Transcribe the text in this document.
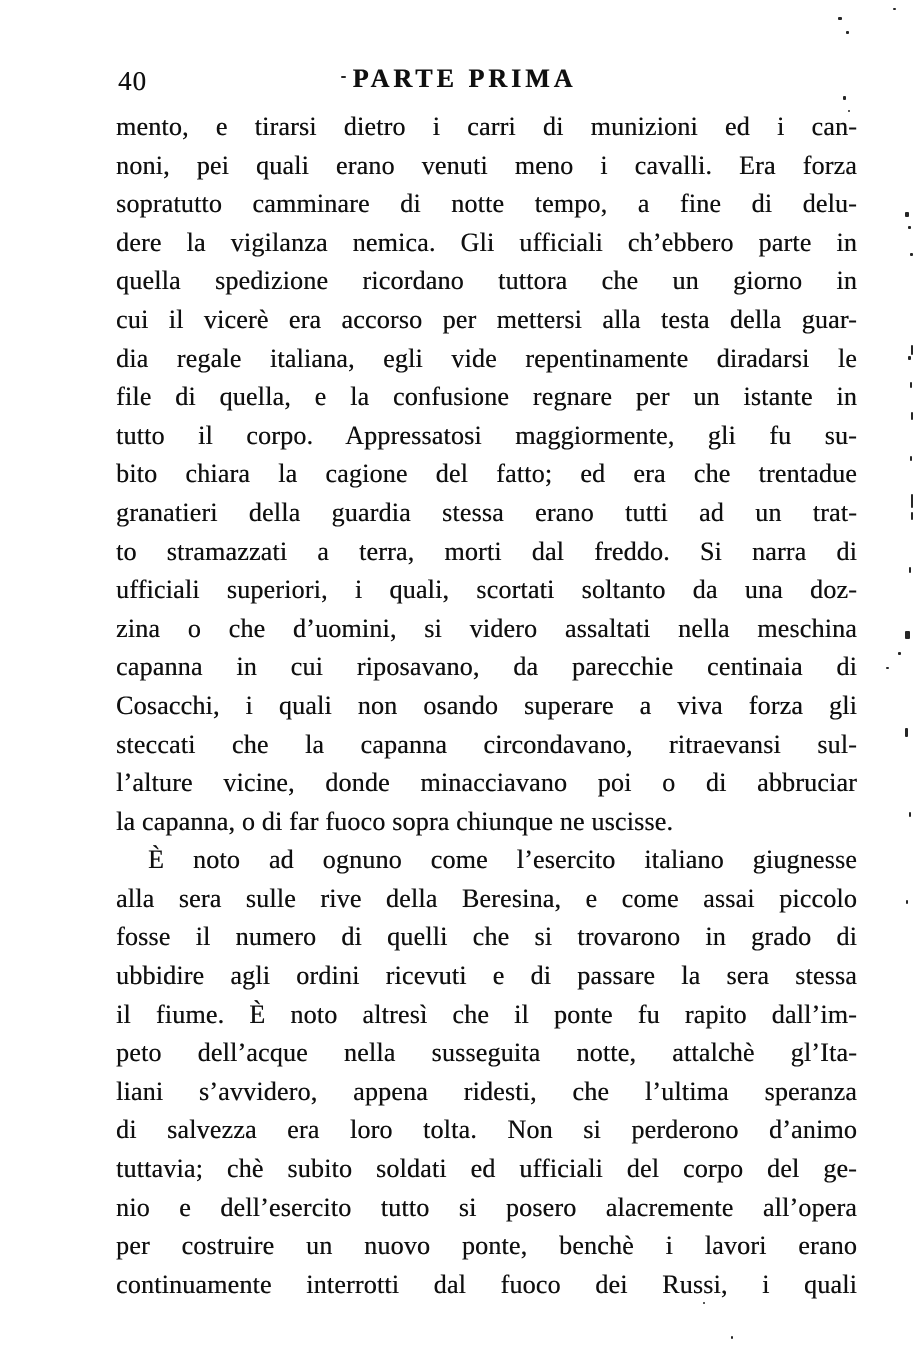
40	PARTE PRIMA
mento, e tirarsi dietro i carri di munizioni ed i can-
noni, pei quali erano venuti meno i cavalli. Era forza
sopratutto camminare di notte tempo, a fine di delu-
dere la vigilanza nemica. Gli ufficiali ch’ebbero parte in
quella spedizione ricordano tuttora che un giorno in
cui il vicerè era accorso per mettersi alla testa della guar-
dia regale italiana, egli vide repentinamente diradarsi le
file di quella, e la confusione regnare per un istante in
tutto il corpo. Appressatosi maggiormente, gli fu su-
bito chiara la cagione del fatto; ed era che trentadue
granatieri della guardia stessa erano tutti ad un trat-
to stramazzati a terra, morti dal freddo. Si narra di
ufficiali superiori, i quali, scortati soltanto da una doz-
zina o che d’uomini, si videro assaltati nella meschina
capanna in cui riposavano, da parecchie centinaia di
Cosacchi, i quali non osando superare a viva forza gli
steccati che la capanna circondavano, ritraevansi sul-
l’alture vicine, donde minacciavano poi o di abbruciar
la capanna, o di far fuoco sopra chiunque ne uscisse.
È noto ad ognuno come l’esercito italiano giugnesse
alla sera sulle rive della Beresina, e come assai piccolo
fosse il numero di quelli che si trovarono in grado di
ubbidire agli ordini ricevuti e di passare la sera stessa
il fiume. È noto altresì che il ponte fu rapito dall’im-
peto dell’acque nella susseguita notte, attalchè gl’Ita-
liani s’avvidero, appena ridesti, che l’ultima speranza
di salvezza era loro tolta. Non si perderono d’animo
tuttavia; chè subito soldati ed ufficiali del corpo del ge-
nio e dell’esercito tutto si posero alacremente all’opera
per costruire un nuovo ponte, benchè i lavori erano
continuamente interrotti dal fuoco dei Russi, i quali
